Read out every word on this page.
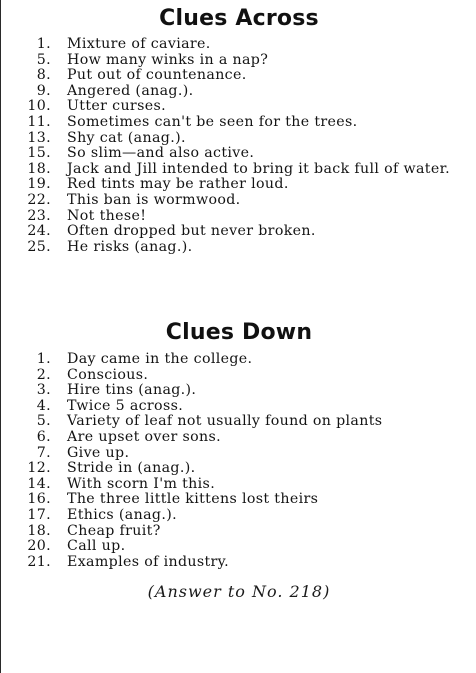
Clues Across
1.	Mixture of caviare.
5.	How many winks in a nap?
8.	Put out of countenance.
9.	Angered (anag.).
10.	Utter curses.
11.	Sometimes can't be seen for the trees.
13.	Shy cat (anag.).
15.	So slim—and also active.
18.	Jack and Jill intended to bring it back full of water.
19.	Red tints may be rather loud.
22.	This ban is wormwood.
23.	Not these!
24.	Often dropped but never broken.
25.	He risks (anag.).
Clues Down
1.	Day came in the college.
2.	Conscious.
3.	Hire tins (anag.).
4.	Twice 5 across.
5.	Variety of leaf not usually found on plants
6.	Are upset over sons.
7.	Give up.
12.	Stride in (anag.).
14.	With scorn I'm this.
16.	The three little kittens lost theirs
17.	Ethics (anag.).
18.	Cheap fruit?
20.	Call up.
21.	Examples of industry.
(Answer to No. 218)
